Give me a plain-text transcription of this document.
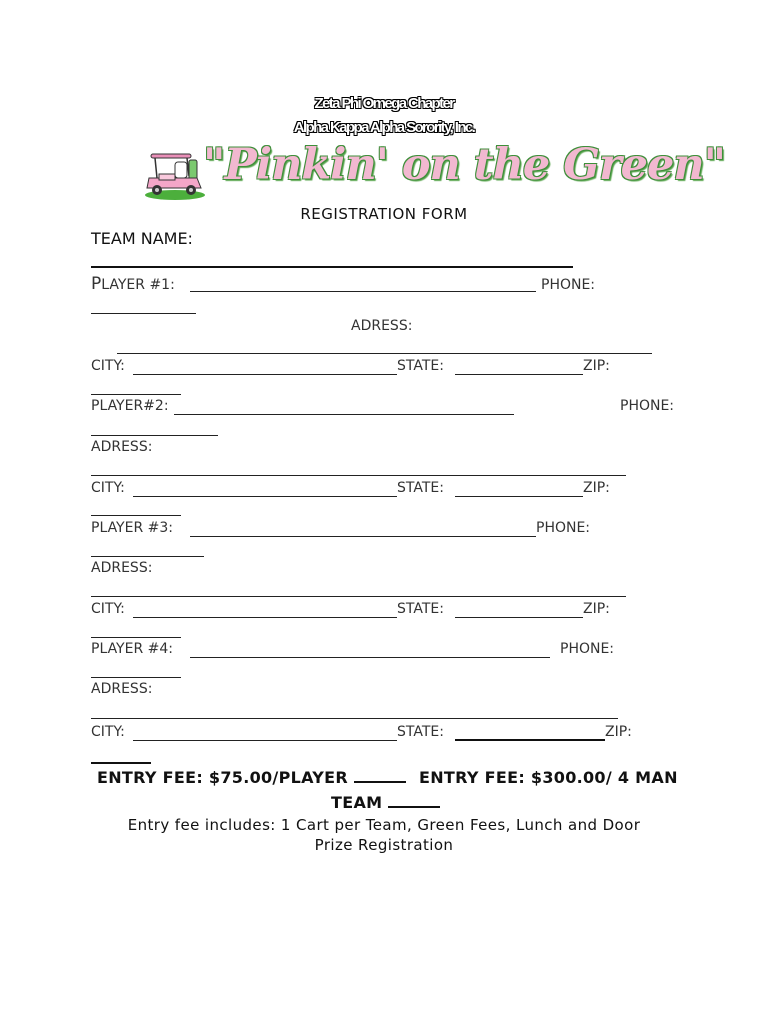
Zeta Phi Omega Chapter
Alpha Kappa Alpha Sorority, Inc.
"Pinkin' on the Green"
REGISTRATION FORM
TEAM NAME:
PLAYER #1:	PHONE:
ADRESS:
CITY:	STATE:	ZIP:
PLAYER#2:	PHONE:
ADRESS:
CITY:	STATE:	ZIP:
PLAYER #3:	PHONE:
ADRESS:
CITY:	STATE:	ZIP:
PLAYER #4:	PHONE:
ADRESS:
CITY:	STATE:	ZIP:
ENTRY FEE: $75.00/PLAYER	ENTRY FEE: $300.00/ 4 MAN
TEAM
Entry fee includes: 1 Cart per Team, Green Fees, Lunch and Door
Prize Registration
